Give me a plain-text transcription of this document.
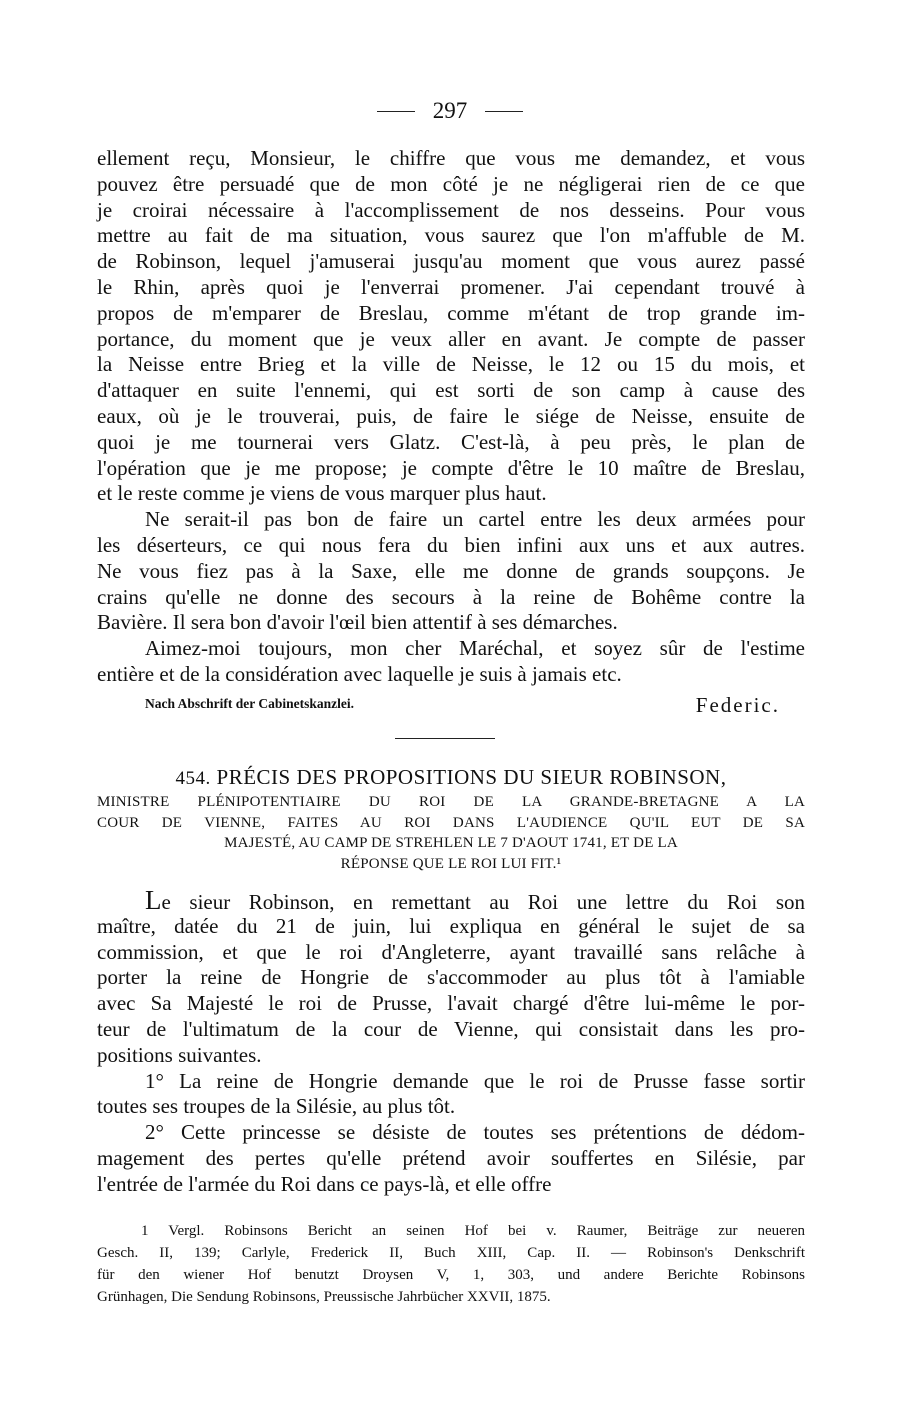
297
ellement reçu, Monsieur, le chiffre que vous me demandez, et vous
pouvez être persuadé que de mon côté je ne négligerai rien de ce que
je croirai nécessaire à l'accomplissement de nos desseins. Pour vous
mettre au fait de ma situation, vous saurez que l'on m'affuble de M.
de Robinson, lequel j'amuserai jusqu'au moment que vous aurez passé
le Rhin, après quoi je l'enverrai promener. J'ai cependant trouvé à
propos de m'emparer de Breslau, comme m'étant de trop grande im-
portance, du moment que je veux aller en avant. Je compte de passer
la Neisse entre Brieg et la ville de Neisse, le 12 ou 15 du mois, et
d'attaquer en suite l'ennemi, qui est sorti de son camp à cause des
eaux, où je le trouverai, puis, de faire le siége de Neisse, ensuite de
quoi je me tournerai vers Glatz. C'est-là, à peu près, le plan de
l'opération que je me propose; je compte d'être le 10 maître de Breslau,
et le reste comme je viens de vous marquer plus haut.
Ne serait-il pas bon de faire un cartel entre les deux armées pour
les déserteurs, ce qui nous fera du bien infini aux uns et aux autres.
Ne vous fiez pas à la Saxe, elle me donne de grands soupçons. Je
crains qu'elle ne donne des secours à la reine de Bohême contre la
Bavière. Il sera bon d'avoir l'œil bien attentif à ses démarches.
Aimez-moi toujours, mon cher Maréchal, et soyez sûr de l'estime
entière et de la considération avec laquelle je suis à jamais etc.
Nach Abschrift der Cabinetskanzlei.	Federic.
454. PRÉCIS DES PROPOSITIONS DU SIEUR ROBINSON,
MINISTRE PLÉNIPOTENTIAIRE DU ROI DE LA GRANDE-BRETAGNE A LA
COUR DE VIENNE, FAITES AU ROI DANS L'AUDIENCE QU'IL EUT DE SA
MAJESTÉ, AU CAMP DE STREHLEN LE 7 D'AOUT 1741, ET DE LA
RÉPONSE QUE LE ROI LUI FIT.¹
Le sieur Robinson, en remettant au Roi une lettre du Roi son
maître, datée du 21 de juin, lui expliqua en général le sujet de sa
commission, et que le roi d'Angleterre, ayant travaillé sans relâche à
porter la reine de Hongrie de s'accommoder au plus tôt à l'amiable
avec Sa Majesté le roi de Prusse, l'avait chargé d'être lui-même le por-
teur de l'ultimatum de la cour de Vienne, qui consistait dans les pro-
positions suivantes.
1° La reine de Hongrie demande que le roi de Prusse fasse sortir
toutes ses troupes de la Silésie, au plus tôt.
2° Cette princesse se désiste de toutes ses prétentions de dédom-
magement des pertes qu'elle prétend avoir souffertes en Silésie, par
l'entrée de l'armée du Roi dans ce pays-là, et elle offre
1 Vergl. Robinsons Bericht an seinen Hof bei v. Raumer, Beiträge zur neueren
Gesch. II, 139; Carlyle, Frederick II, Buch XIII, Cap. II. — Robinson's Denkschrift
für den wiener Hof benutzt Droysen V, 1, 303, und andere Berichte Robinsons
Grünhagen, Die Sendung Robinsons, Preussische Jahrbücher XXVII, 1875.
